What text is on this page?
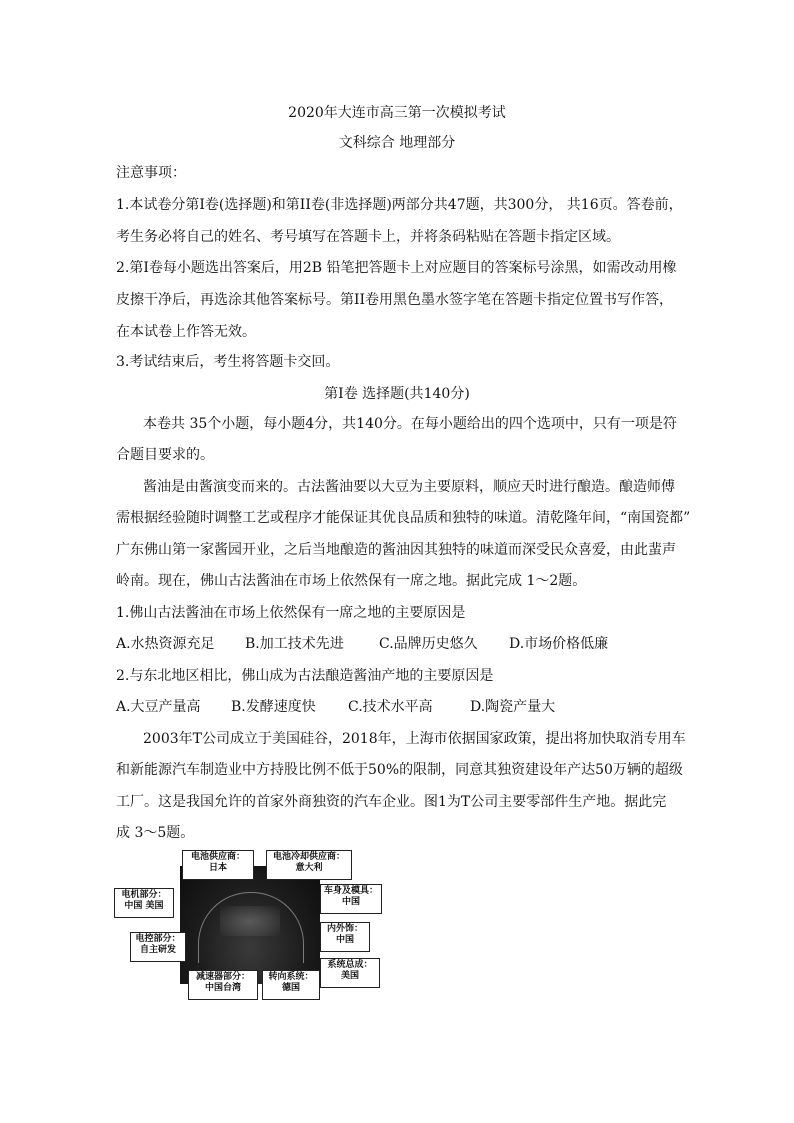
2020年大连市高三第一次模拟考试
文科综合 地理部分
注意事项：
1.本试卷分第I卷(选择题)和第II卷(非选择题)两部分共47题，共300分， 共16页。答卷前，
考生务必将自己的姓名、考号填写在答题卡上，并将条码粘贴在答题卡指定区域。
2.第I卷每小题选出答案后，用2B 铅笔把答题卡上对应题目的答案标号涂黑，如需改动用橡
皮擦干净后，再选涂其他答案标号。第II卷用黑色墨水签字笔在答题卡指定位置书写作答，
在本试卷上作答无效。
3.考试结束后，考生将答题卡交回。
第I卷 选择题(共140分)
本卷共 35个小题，每小题4分，共140分。在每小题给出的四个选项中，只有一项是符
合题目要求的。
酱油是由酱演变而来的。古法酱油要以大豆为主要原料，顺应天时进行酿造。酿造师傅
需根据经验随时调整工艺或程序才能保证其优良品质和独特的味道。清乾隆年间，“南国瓷都”
广东佛山第一家酱园开业，之后当地酿造的酱油因其独特的味道而深受民众喜爱，由此蜚声
岭南。现在，佛山古法酱油在市场上依然保有一席之地。据此完成 1～2题。
1.佛山古法酱油在市场上依然保有一席之地的主要原因是
A.水热资源充足 B.加工技术先进	C.品牌历史悠久 D.市场价格低廉
2.与东北地区相比，佛山成为古法酿造酱油产地的主要原因是
A.大豆产量高 B.发酵速度快 C.技术水平高	D.陶瓷产量大
2003年T公司成立于美国硅谷，2018年，上海市依据国家政策，提出将加快取消专用车
和新能源汽车制造业中方持股比例不低于50%的限制，同意其独资建设年产达50万辆的超级
工厂。这是我国允许的首家外商独资的汽车企业。图1为T公司主要零部件生产地。据此完
成 3～5题。
电池供应商：
日本
电池冷却供应商：
意大利
电机部分：
中国 美国
车身及模具：
中国
内外饰：
中国
电控部分：
自主研发
系统总成：
美国
减速器部分：
中国台湾
转向系统：
德国
